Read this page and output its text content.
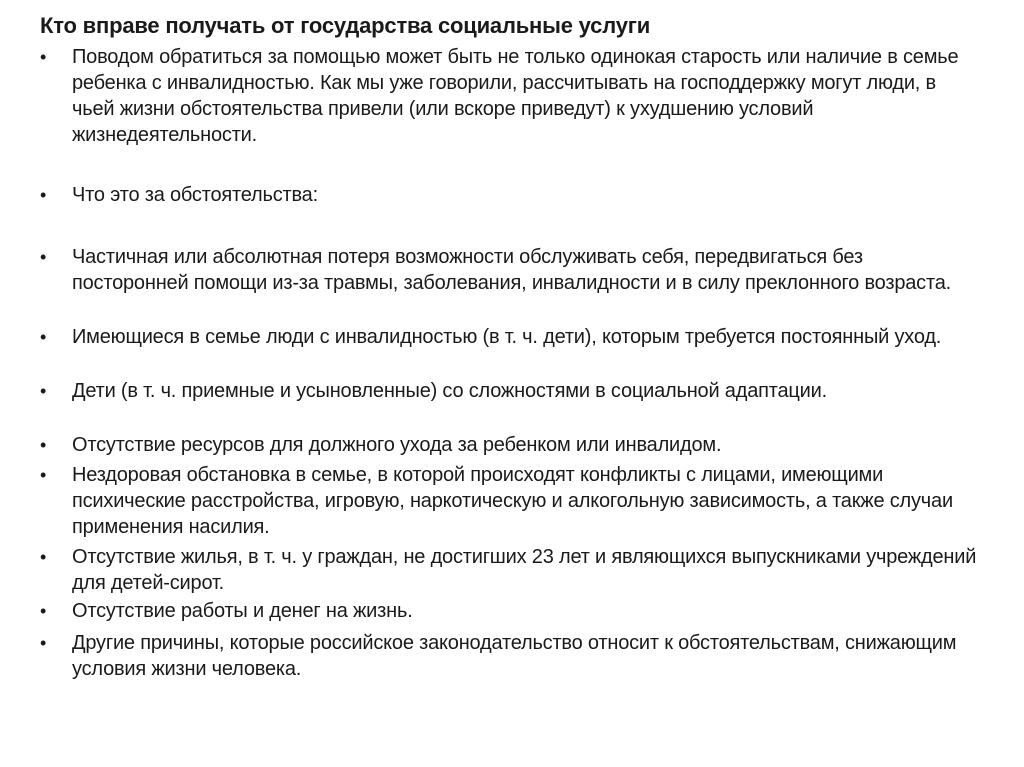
Кто вправе получать от государства социальные услуги
• Поводом обратиться за помощью может быть не только одинокая старость или наличие в семье ребенка с инвалидностью. Как мы уже говорили, рассчитывать на господдержку могут люди, в чьей жизни обстоятельства привели (или вскоре приведут) к ухудшению условий жизнедеятельности.
• Что это за обстоятельства:
• Частичная или абсолютная потеря возможности обслуживать себя, передвигаться без посторонней помощи из-за травмы, заболевания, инвалидности и в силу преклонного возраста.
• Имеющиеся в семье люди с инвалидностью (в т. ч. дети), которым требуется постоянный уход.
• Дети (в т. ч. приемные и усыновленные) со сложностями в социальной адаптации.
• Отсутствие ресурсов для должного ухода за ребенком или инвалидом.
• Нездоровая обстановка в семье, в которой происходят конфликты с лицами, имеющими психические расстройства, игровую, наркотическую и алкогольную зависимость, а также случаи применения насилия.
• Отсутствие жилья, в т. ч. у граждан, не достигших 23 лет и являющихся выпускниками учреждений для детей-сирот.
• Отсутствие работы и денег на жизнь.
• Другие причины, которые российское законодательство относит к обстоятельствам, снижающим условия жизни человека.
